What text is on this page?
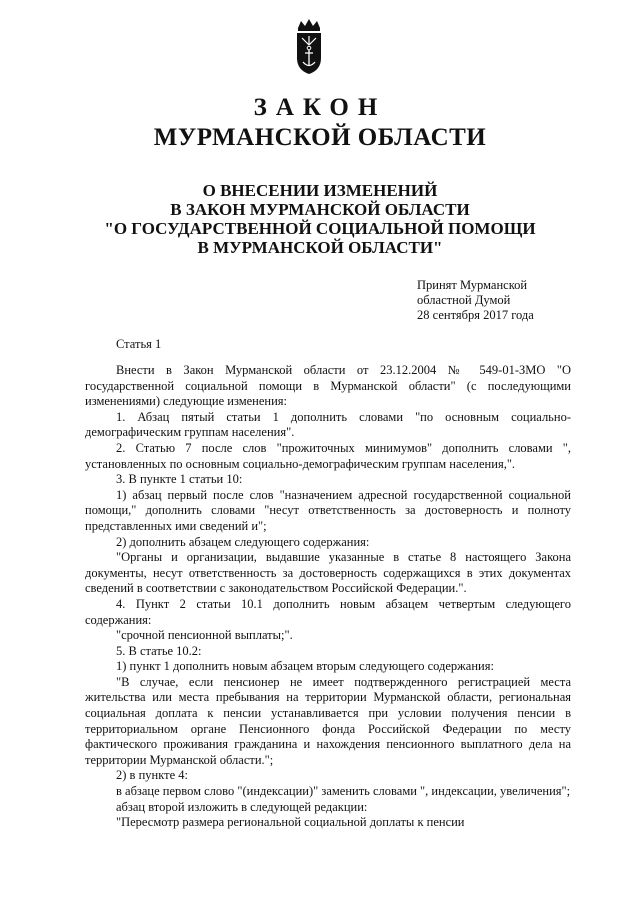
ЗАКОН
МУРМАНСКОЙ ОБЛАСТИ
О ВНЕСЕНИИ ИЗМЕНЕНИЙ
В ЗАКОН МУРМАНСКОЙ ОБЛАСТИ
"О ГОСУДАРСТВЕННОЙ СОЦИАЛЬНОЙ ПОМОЩИ
В МУРМАНСКОЙ ОБЛАСТИ"
Принят Мурманской
областной Думой
28 сентября 2017 года
Статья 1

Внести в Закон Мурманской области от 23.12.2004 № 549-01-ЗМО "О государственной социальной помощи в Мурманской области" (с последующими изменениями) следующие изменения:

1. Абзац пятый статьи 1 дополнить словами "по основным социально-демографическим группам населения".

2. Статью 7 после слов "прожиточных минимумов" дополнить словами ", установленных по основным социально-демографическим группам населения,".

3. В пункте 1 статьи 10:

1) абзац первый после слов "назначением адресной государственной социальной помощи," дополнить словами "несут ответственность за достоверность и полноту представленных ими сведений и";

2) дополнить абзацем следующего содержания:

"Органы и организации, выдавшие указанные в статье 8 настоящего Закона документы, несут ответственность за достоверность содержащихся в этих документах сведений в соответствии с законодательством Российской Федерации.".

4. Пункт 2 статьи 10.1 дополнить новым абзацем четвертым следующего содержания:

"срочной пенсионной выплаты;".

5. В статье 10.2:

1) пункт 1 дополнить новым абзацем вторым следующего содержания:

"В случае, если пенсионер не имеет подтвержденного регистрацией места жительства или места пребывания на территории Мурманской области, региональная социальная доплата к пенсии устанавливается при условии получения пенсии в территориальном органе Пенсионного фонда Российской Федерации по месту фактического проживания гражданина и нахождения пенсионного выплатного дела на территории Мурманской области.";

2) в пункте 4:

в абзаце первом слово "(индексации)" заменить словами ", индексации, увеличения";

абзац второй изложить в следующей редакции:

"Пересмотр размера региональной социальной доплаты к пенсии
